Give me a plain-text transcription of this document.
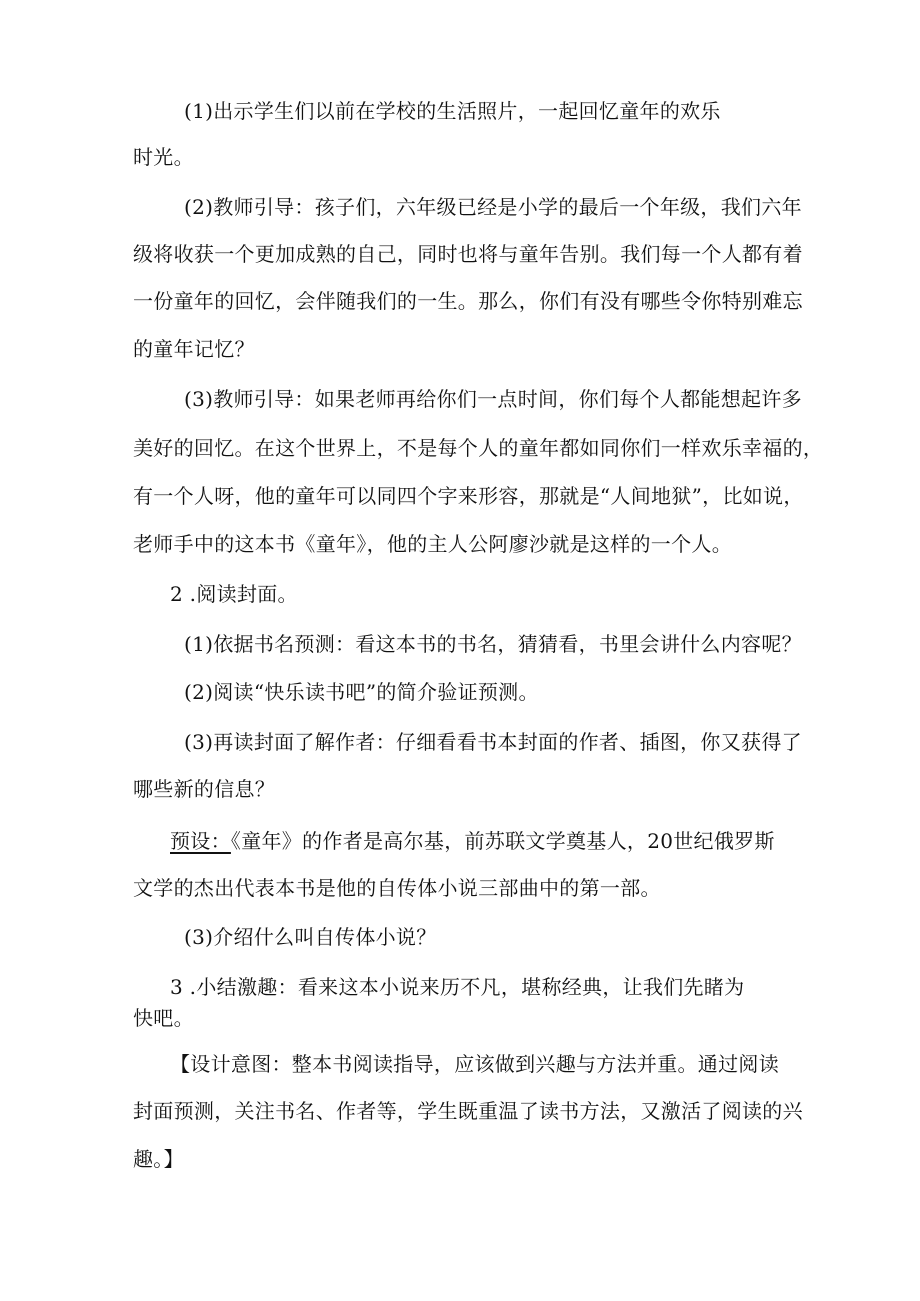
(1)出示学生们以前在学校的生活照片，一起回忆童年的欢乐
时光。
(2)教师引导：孩子们，六年级已经是小学的最后一个年级，我们六年
级将收获一个更加成熟的自己，同时也将与童年告别。我们每一个人都有着
一份童年的回忆，会伴随我们的一生。那么，你们有没有哪些令你特别难忘
的童年记忆？
(3)教师引导：如果老师再给你们一点时间，你们每个人都能想起许多
美好的回忆。在这个世界上，不是每个人的童年都如同你们一样欢乐幸福的，
有一个人呀，他的童年可以同四个字来形容，那就是“人间地狱”，比如说，
老师手中的这本书《童年》，他的主人公阿廖沙就是这样的一个人。
2 .阅读封面。
(1)依据书名预测：看这本书的书名，猜猜看，书里会讲什么内容呢？
(2)阅读“快乐读书吧”的简介验证预测。
(3)再读封面了解作者：仔细看看书本封面的作者、插图，你又获得了
哪些新的信息？
预设：《童年》的作者是高尔基，前苏联文学奠基人，20世纪俄罗斯
文学的杰出代表本书是他的自传体小说三部曲中的第一部。
(3)介绍什么叫自传体小说？
3 .小结激趣：看来这本小说来历不凡，堪称经典，让我们先睹为
快吧。
【设计意图：整本书阅读指导，应该做到兴趣与方法并重。通过阅读
封面预测，关注书名、作者等，学生既重温了读书方法，又激活了阅读的兴
趣。】
